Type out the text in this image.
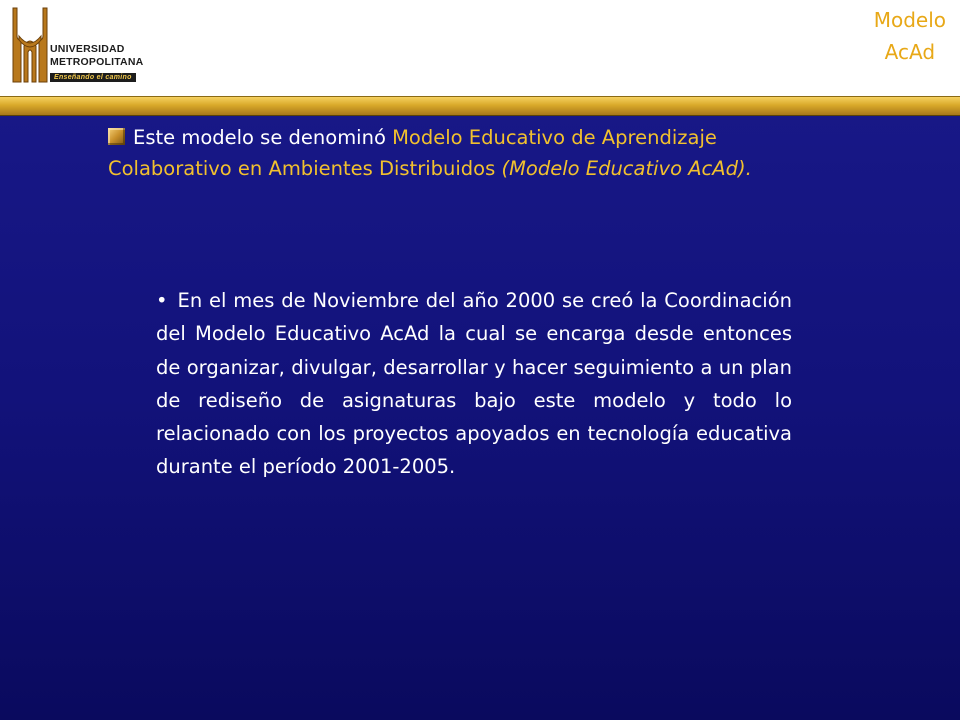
UNIVERSIDAD
METROPOLITANA
Enseñando el camino
Modelo
AcAd
Este modelo se denominó Modelo Educativo de Aprendizaje Colaborativo en Ambientes Distribuidos (Modelo Educativo AcAd).
• En el mes de Noviembre del año 2000 se creó la Coordinación del Modelo Educativo AcAd la cual se encarga desde entonces de organizar, divulgar, desarrollar y hacer seguimiento a un plan de rediseño de asignaturas bajo este modelo y todo lo relacionado con los proyectos apoyados en tecnología educativa durante el período 2001-2005.
